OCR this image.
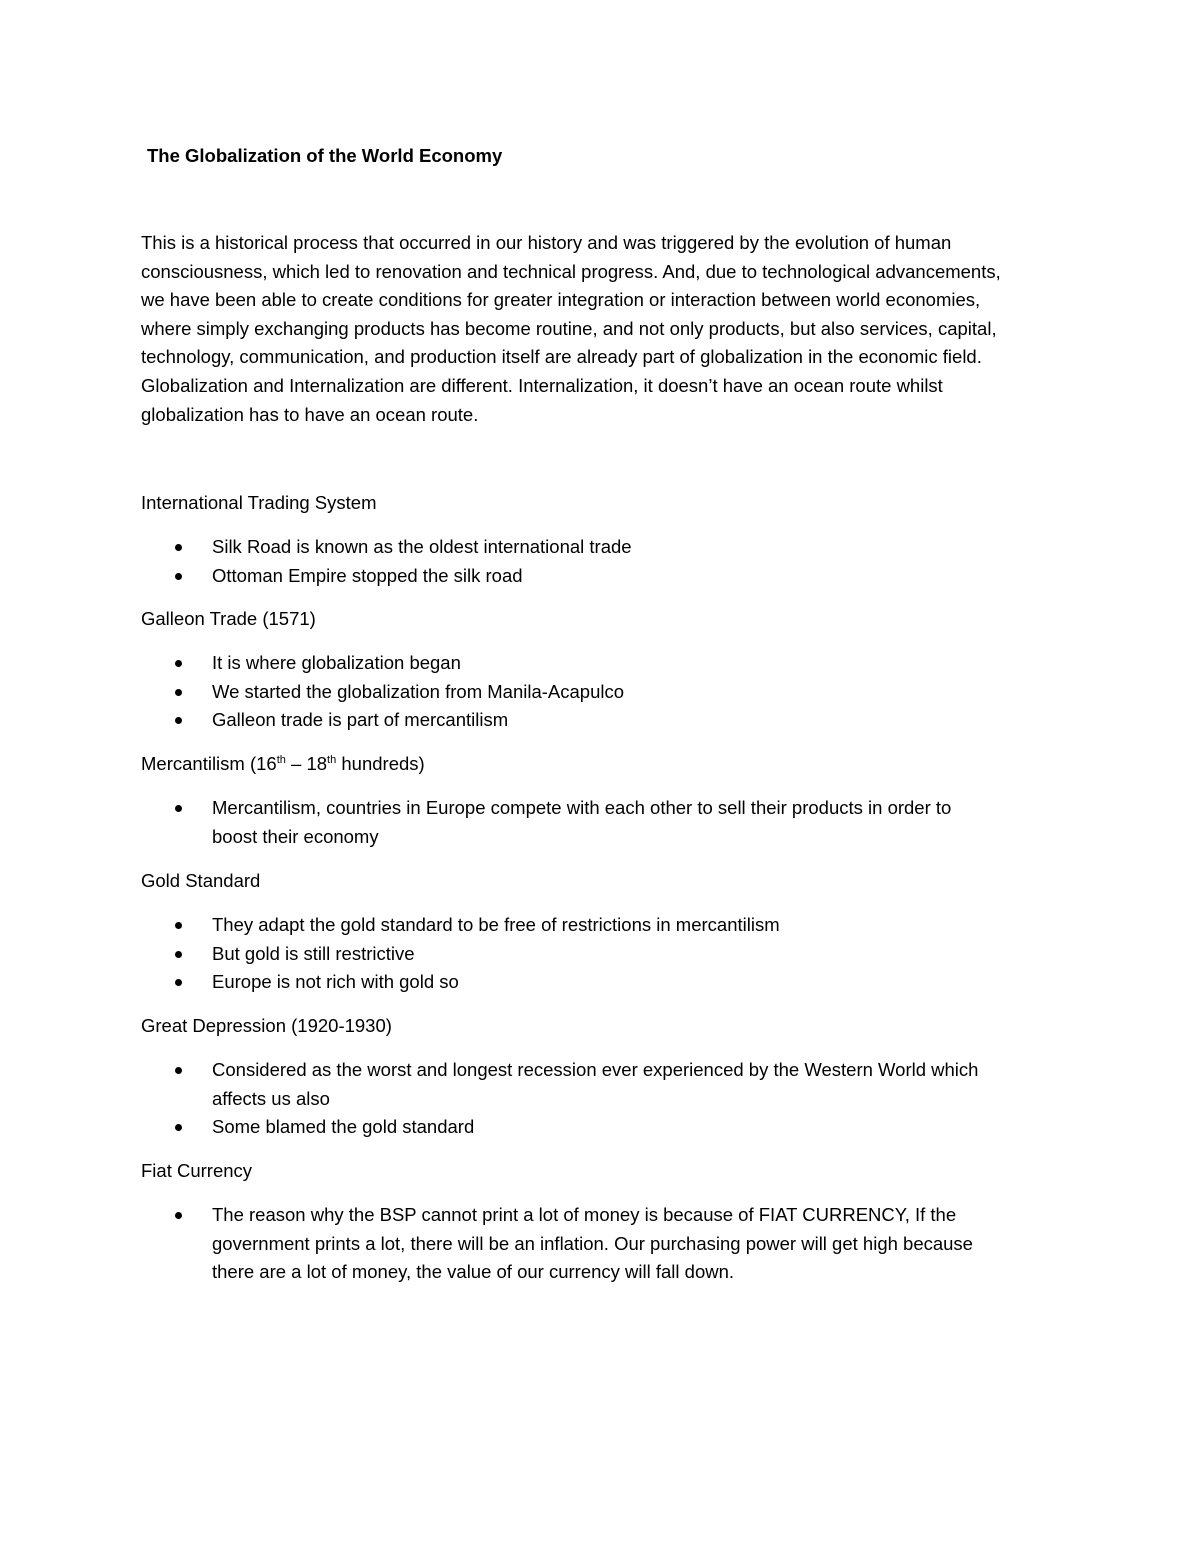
The Globalization of the World Economy
This is a historical process that occurred in our history and was triggered by the evolution of human
consciousness, which led to renovation and technical progress. And, due to technological advancements,
we have been able to create conditions for greater integration or interaction between world economies,
where simply exchanging products has become routine, and not only products, but also services, capital,
technology, communication, and production itself are already part of globalization in the economic field.
Globalization and Internalization are different. Internalization, it doesn’t have an ocean route whilst
globalization has to have an ocean route.
International Trading System
Silk Road is known as the oldest international trade
Ottoman Empire stopped the silk road
Galleon Trade (1571)
It is where globalization began
We started the globalization from Manila-Acapulco
Galleon trade is part of mercantilism
Mercantilism (16th – 18th hundreds)
Mercantilism, countries in Europe compete with each other to sell their products in order to
boost their economy
Gold Standard
They adapt the gold standard to be free of restrictions in mercantilism
But gold is still restrictive
Europe is not rich with gold so
Great Depression (1920-1930)
Considered as the worst and longest recession ever experienced by the Western World which
affects us also
Some blamed the gold standard
Fiat Currency
The reason why the BSP cannot print a lot of money is because of FIAT CURRENCY, If the
government prints a lot, there will be an inflation. Our purchasing power will get high because
there are a lot of money, the value of our currency will fall down.
